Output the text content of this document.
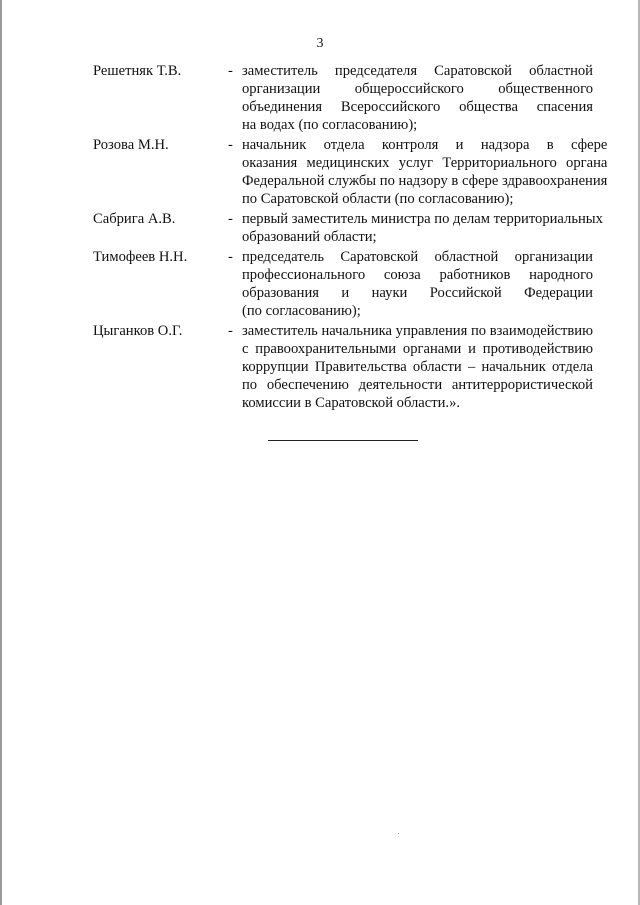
3
Решетняк Т.В.	- заместитель председателя Саратовской областной
организации общероссийского общественного
объединения Всероссийского общества спасения
на водах (по согласованию);
Розова М.Н.	- начальник отдела контроля и надзора в сфере
оказания медицинских услуг Территориального органа
Федеральной службы по надзору в сфере здравоохранения
по Саратовской области (по согласованию);
Сабрига А.В.	- первый заместитель министра по делам территориальных
образований области;
Тимофеев Н.Н.	- председатель Саратовской областной организации
профессионального союза работников народного
образования и науки Российской Федерации
(по согласованию);
Цыганков О.Г.	- заместитель начальника управления по взаимодействию
с правоохранительными органами и противодействию
коррупции Правительства области – начальник отдела
по обеспечению деятельности антитеррористической
комиссии в Саратовской области.».
